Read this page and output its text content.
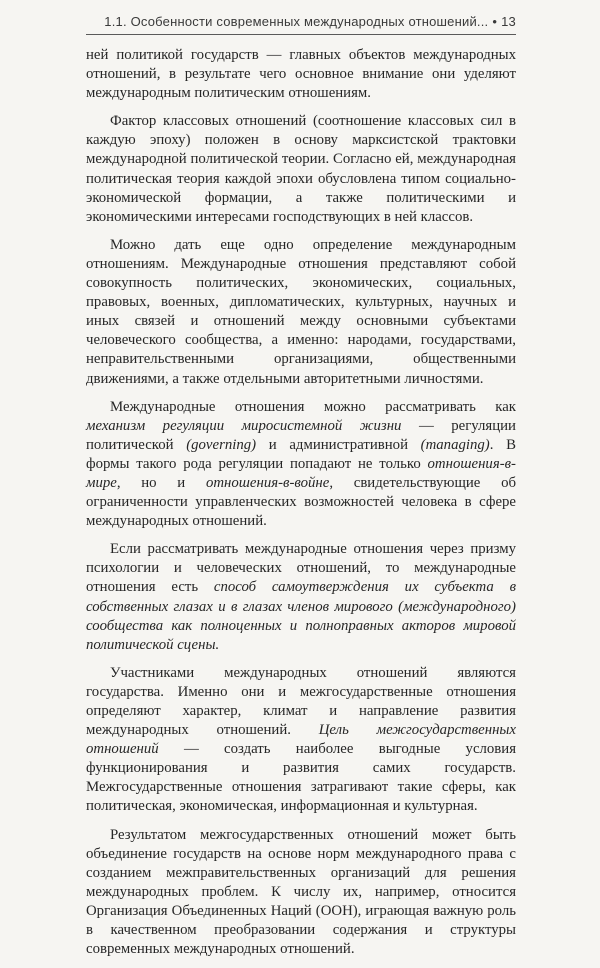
1.1. Особенности современных международных отношений... • 13

ней политикой государств — главных объектов международных отношений, в результате чего основное внимание они уделяют международным политическим отношениям.

Фактор классовых отношений (соотношение классовых сил в каждую эпоху) положен в основу марксистской трактовки международной политической теории. Согласно ей, международная политическая теория каждой эпохи обусловлена типом социально-экономической формации, а также политическими и экономическими интересами господствующих в ней классов.

Можно дать еще одно определение международным отношениям. Международные отношения представляют собой совокупность политических, экономических, социальных, правовых, военных, дипломатических, культурных, научных и иных связей и отношений между основными субъектами человеческого сообщества, а именно: народами, государствами, неправительственными организациями, общественными движениями, а также отдельными авторитетными личностями.

Международные отношения можно рассматривать как механизм регуляции миросистемной жизни — регуляции политической (governing) и административной (managing). В формы такого рода регуляции попадают не только отношения-в-мире, но и отношения-в-войне, свидетельствующие об ограниченности управленческих возможностей человека в сфере международных отношений.

Если рассматривать международные отношения через призму психологии и человеческих отношений, то международные отношения есть способ самоутверждения их субъекта в собственных глазах и в глазах членов мирового (международного) сообщества как полноценных и полноправных акторов мировой политической сцены.

Участниками международных отношений являются государства. Именно они и межгосударственные отношения определяют характер, климат и направление развития международных отношений. Цель межгосударственных отношений — создать наиболее выгодные условия функционирования и развития самих государств. Межгосударственные отношения затрагивают такие сферы, как политическая, экономическая, информационная и культурная.

Результатом межгосударственных отношений может быть объединение государств на основе норм международного права с созданием межправительственных организаций для решения международных проблем. К числу их, например, относится Организация Объединенных Наций (ООН), играющая важную роль в качественном преобразовании содержания и структуры современных международных отношений.
